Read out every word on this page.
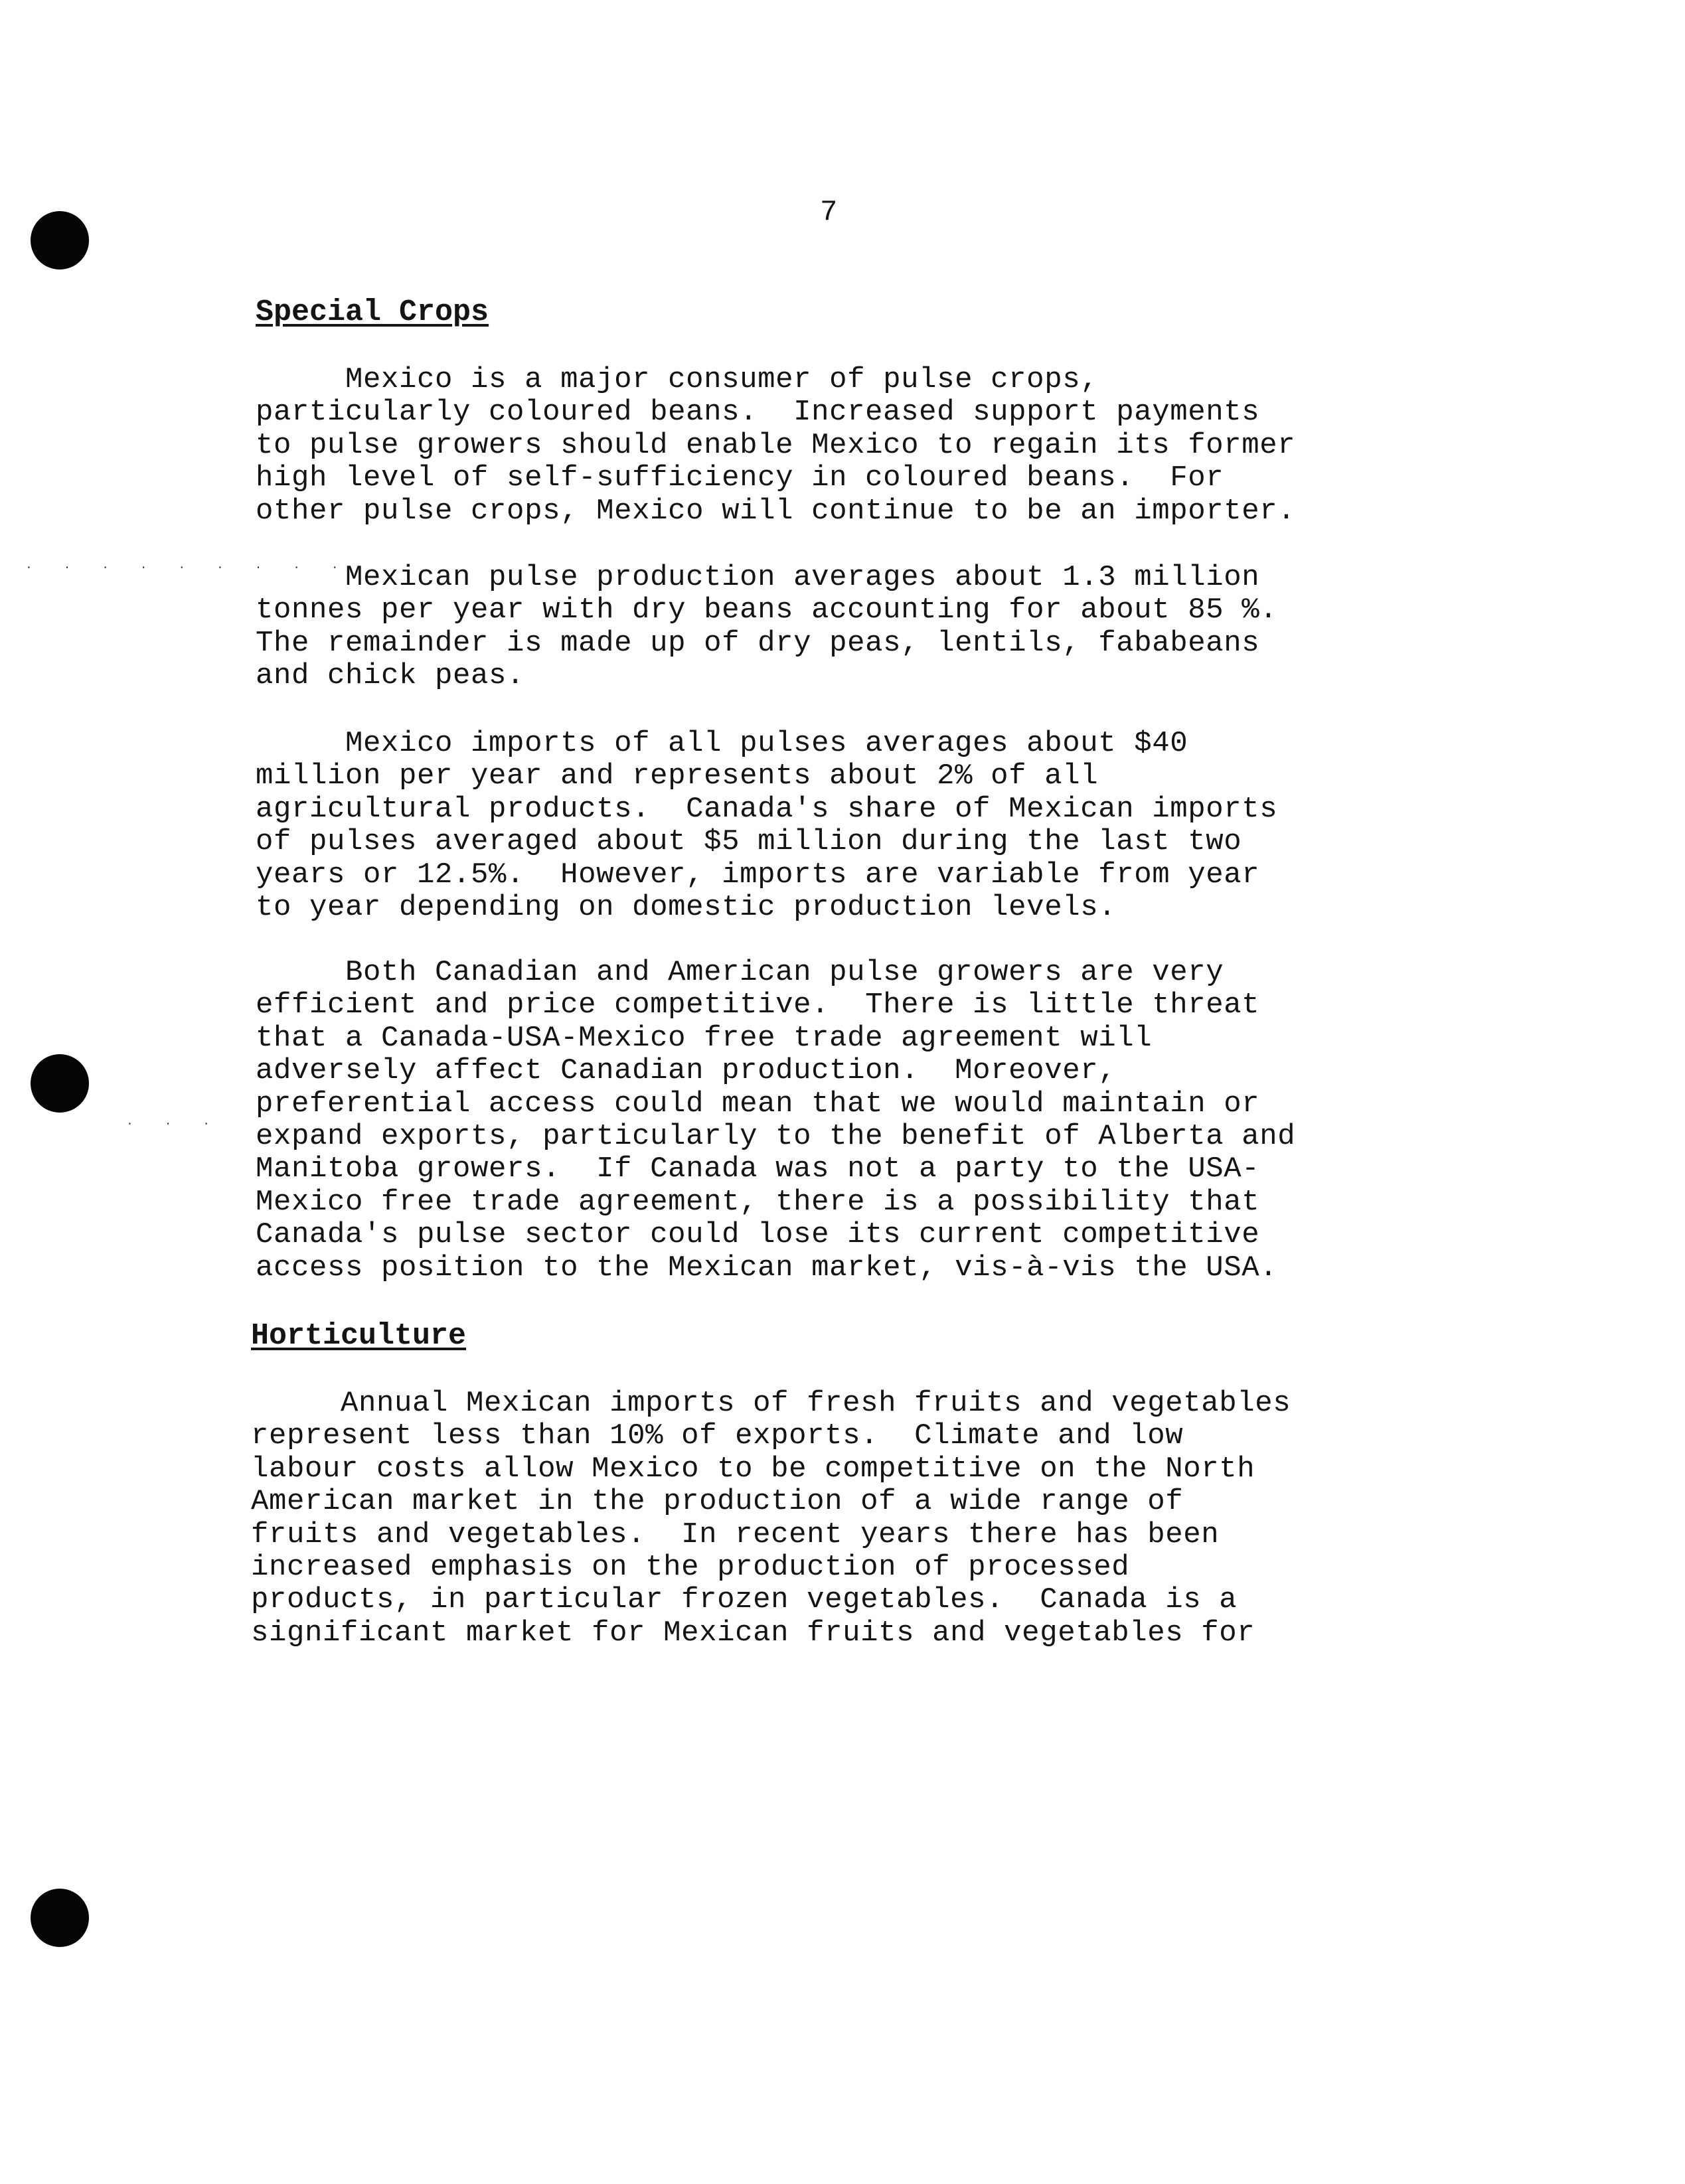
. . . . . . . . .
. . .
7
Special Crops

Mexico is a major consumer of pulse crops,
particularly coloured beans.  Increased support payments
to pulse growers should enable Mexico to regain its former
high level of self-sufficiency in coloured beans.  For
other pulse crops, Mexico will continue to be an importer.

Mexican pulse production averages about 1.3 million
tonnes per year with dry beans accounting for about 85 %.
The remainder is made up of dry peas, lentils, fababeans
and chick peas.

Mexico imports of all pulses averages about $40
million per year and represents about 2% of all
agricultural products.  Canada's share of Mexican imports
of pulses averaged about $5 million during the last two
years or 12.5%.  However, imports are variable from year
to year depending on domestic production levels.

Both Canadian and American pulse growers are very
efficient and price competitive.  There is little threat
that a Canada-USA-Mexico free trade agreement will
adversely affect Canadian production.  Moreover,
preferential access could mean that we would maintain or
expand exports, particularly to the benefit of Alberta and
Manitoba growers.  If Canada was not a party to the USA-
Mexico free trade agreement, there is a possibility that
Canada's pulse sector could lose its current competitive
access position to the Mexican market, vis-à-vis the USA.

Horticulture

Annual Mexican imports of fresh fruits and vegetables
represent less than 10% of exports.  Climate and low
labour costs allow Mexico to be competitive on the North
American market in the production of a wide range of
fruits and vegetables.  In recent years there has been
increased emphasis on the production of processed
products, in particular frozen vegetables.  Canada is a
significant market for Mexican fruits and vegetables for
